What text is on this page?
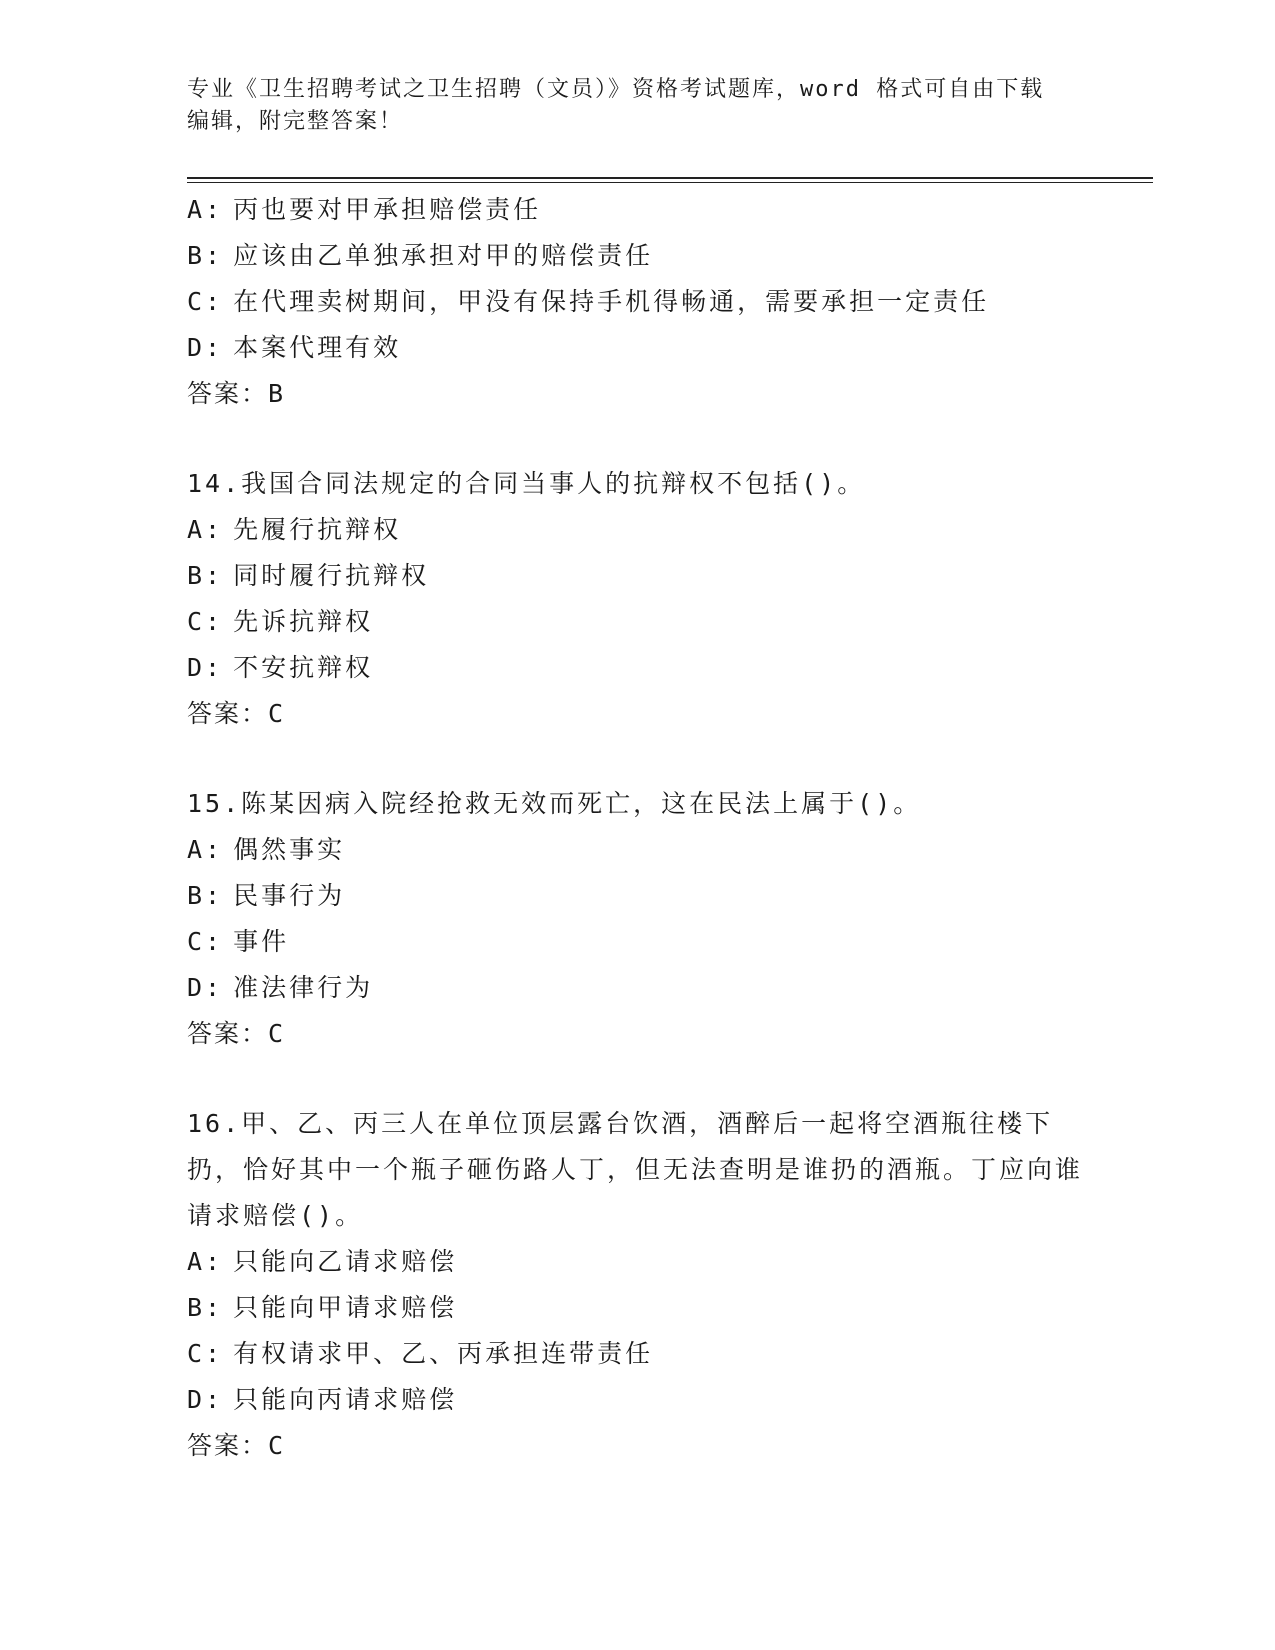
专业《卫生招聘考试之卫生招聘（文员）》资格考试题库，word 格式可自由下载
编辑，附完整答案！
A: 丙也要对甲承担赔偿责任
B: 应该由乙单独承担对甲的赔偿责任
C: 在代理卖树期间，甲没有保持手机得畅通，需要承担一定责任
D: 本案代理有效
答案：B
14.我国合同法规定的合同当事人的抗辩权不包括()。
A: 先履行抗辩权
B: 同时履行抗辩权
C: 先诉抗辩权
D: 不安抗辩权
答案：C
15.陈某因病入院经抢救无效而死亡，这在民法上属于()。
A: 偶然事实
B: 民事行为
C: 事件
D: 准法律行为
答案：C
16.甲、乙、丙三人在单位顶层露台饮酒，酒醉后一起将空酒瓶往楼下扔，恰好其中一个瓶子砸伤路人丁，但无法查明是谁扔的酒瓶。丁应向谁请求赔偿()。
A: 只能向乙请求赔偿
B: 只能向甲请求赔偿
C: 有权请求甲、乙、丙承担连带责任
D: 只能向丙请求赔偿
答案：C
